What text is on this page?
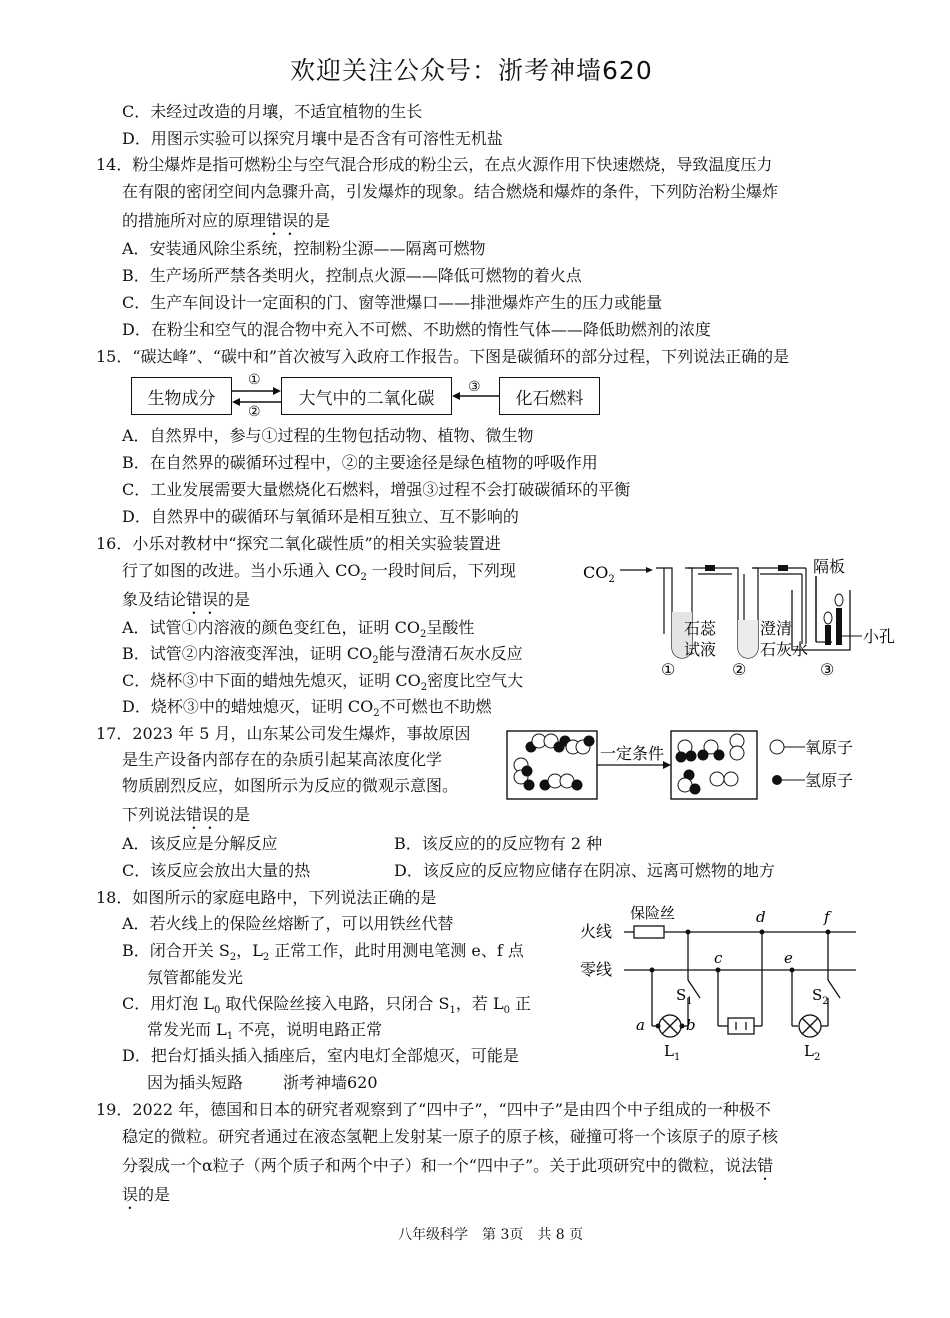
欢迎关注公众号：浙考神墙620
C．未经过改造的月壤，不适宜植物的生长
D．用图示实验可以探究月壤中是否含有可溶性无机盐
14．粉尘爆炸是指可燃粉尘与空气混合形成的粉尘云，在点火源作用下快速燃烧，导致温度压力
在有限的密闭空间内急骤升高，引发爆炸的现象。结合燃烧和爆炸的条件，下列防治粉尘爆炸
的措施所对应的原理错误的是
A．安装通风除尘系统，控制粉尘源——隔离可燃物
B．生产场所严禁各类明火，控制点火源——降低可燃物的着火点
C．生产车间设计一定面积的门、窗等泄爆口——排泄爆炸产生的压力或能量
D．在粉尘和空气的混合物中充入不可燃、不助燃的惰性气体——降低助燃剂的浓度
15．“碳达峰”、“碳中和”首次被写入政府工作报告。下图是碳循环的部分过程，下列说法正确的是
生物成分	大气中的二氧化碳	化石燃料
①
②
③
A．自然界中，参与①过程的生物包括动物、植物、微生物
B．在自然界的碳循环过程中，②的主要途径是绿色植物的呼吸作用
C．工业发展需要大量燃烧化石燃料，增强③过程不会打破碳循环的平衡
D．自然界中的碳循环与氧循环是相互独立、互不影响的
16．小乐对教材中“探究二氧化碳性质”的相关实验装置进
行了如图的改进。当小乐通入 $CO_2$ 一段时间后，下列现
象及结论错误的是
A．试管①内溶液的颜色变红色，证明 $CO_2$呈酸性
B．试管②内溶液变浑浊，证明 $CO_2$能与澄清石灰水反应
C．烧杯③中下面的蜡烛先熄灭，证明 $CO_2$密度比空气大
D．烧杯③中的蜡烛熄灭，证明 $CO_2$不可燃也不助燃
$CO_2$
隔板
石蕊
试液
澄清
石灰水
小孔
①	②	③
17．2023 年 5 月，山东某公司发生爆炸，事故原因
是生产设备内部存在的杂质引起某高浓度化学
物质剧烈反应，如图所示为反应的微观示意图。
下列说法错误的是
一定条件	氧原子
氢原子
A．该反应是分解反应	B．该反应的的反应物有 2 种
C．该反应会放出大量的热	D．该反应的反应物应储存在阴凉、远离可燃物的地方
18．如图所示的家庭电路中，下列说法正确的是
A．若火线上的保险丝熔断了，可以用铁丝代替
B．闭合开关 $S_2$，$L_2$ 正常工作，此时用测电笔测 e、f 点
氖管都能发光
C．用灯泡 $L_0$ 取代保险丝接入电路，只闭合 $S_1$，若 $L_0$ 正
常发光而 $L_1$ 不亮，说明电路正常
D．把台灯插头插入插座后，室内电灯全部熄灭，可能是
因为插头短路 浙考神墙620
火线
零线
保险丝
a	b
c
d
e
f
$S_1$	$S_2$
$L_1$	$L_2$
19．2022 年，德国和日本的研究者观察到了“四中子”，“四中子”是由四个中子组成的一种极不
稳定的微粒。研究者通过在液态氢靶上发射某一原子的原子核，碰撞可将一个该原子的原子核
分裂成一个α粒子（两个质子和两个中子）和一个“四中子”。关于此项研究中的微粒，说法错
误的是
八年级科学　第 3页　共 8 页
